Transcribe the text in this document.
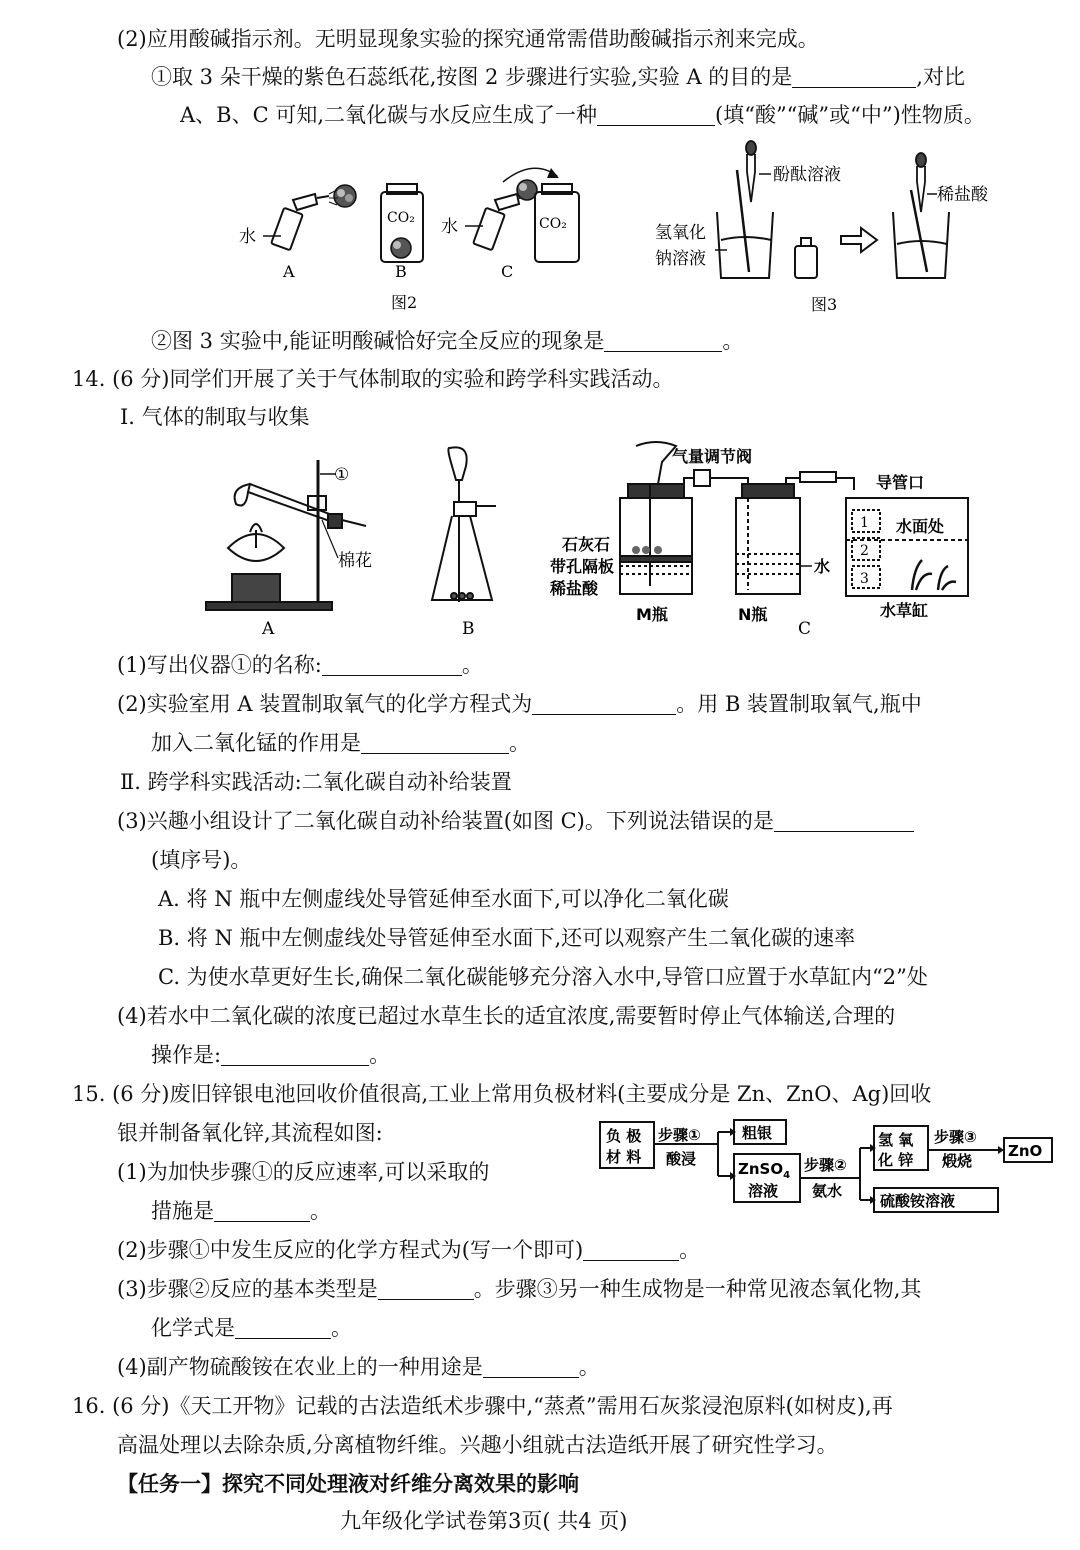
(2)应用酸碱指示剂。无明显现象实验的探究通常需借助酸碱指示剂来完成。
①取 3 朵干燥的紫色石蕊纸花,按图 2 步骤进行实验,实验 A 的目的是	,对比
A、B、C 可知,二氧化碳与水反应生成了一种	(填“酸”“碱”或“中”)性物质。
水
A
CO₂
B
水	CO₂
C
图2
酚酞溶液
氢氧化
钠溶液
稀盐酸
图3
②图 3 实验中,能证明酸碱恰好完全反应的现象是	。
14. (6 分)同学们开展了关于气体制取的实验和跨学科实践活动。
Ⅰ. 气体的制取与收集
①
棉花
A	B
石灰石
带孔隔板
稀盐酸
M瓶
气量调节阀
水
N瓶
导管口
1
2
3
水面处
水草缸
C
(1)写出仪器①的名称:	。
(2)实验室用 A 装置制取氧气的化学方程式为	。用 B 装置制取氧气,瓶中
加入二氧化锰的作用是	。
Ⅱ. 跨学科实践活动:二氧化碳自动补给装置
(3)兴趣小组设计了二氧化碳自动补给装置(如图 C)。下列说法错误的是
(填序号)。
A. 将 N 瓶中左侧虚线处导管延伸至水面下,可以净化二氧化碳
B. 将 N 瓶中左侧虚线处导管延伸至水面下,还可以观察产生二氧化碳的速率
C. 为使水草更好生长,确保二氧化碳能够充分溶入水中,导管口应置于水草缸内“2”处
(4)若水中二氧化碳的浓度已超过水草生长的适宜浓度,需要暂时停止气体输送,合理的
操作是:	。
15. (6 分)废旧锌银电池回收价值很高,工业上常用负极材料(主要成分是 Zn、ZnO、Ag)回收
银并制备氧化锌,其流程如图:	负 极
材 料
步骤①
酸浸
粗银
ZnSO$_4$
溶液
步骤②
氨水
氢 氧
化 锌
步骤③
煅烧
ZnO
硫酸铵溶液
(1)为加快步骤①的反应速率,可以采取的
措施是	。
(2)步骤①中发生反应的化学方程式为(写一个即可)	。
(3)步骤②反应的基本类型是	。步骤③另一种生成物是一种常见液态氧化物,其
化学式是	。
(4)副产物硫酸铵在农业上的一种用途是	。
16. (6 分)《天工开物》记载的古法造纸术步骤中,“蒸煮”需用石灰浆浸泡原料(如树皮),再
高温处理以去除杂质,分离植物纤维。兴趣小组就古法造纸开展了研究性学习。
【任务一】探究不同处理液对纤维分离效果的影响
九年级化学试卷第3页( 共4 页)
